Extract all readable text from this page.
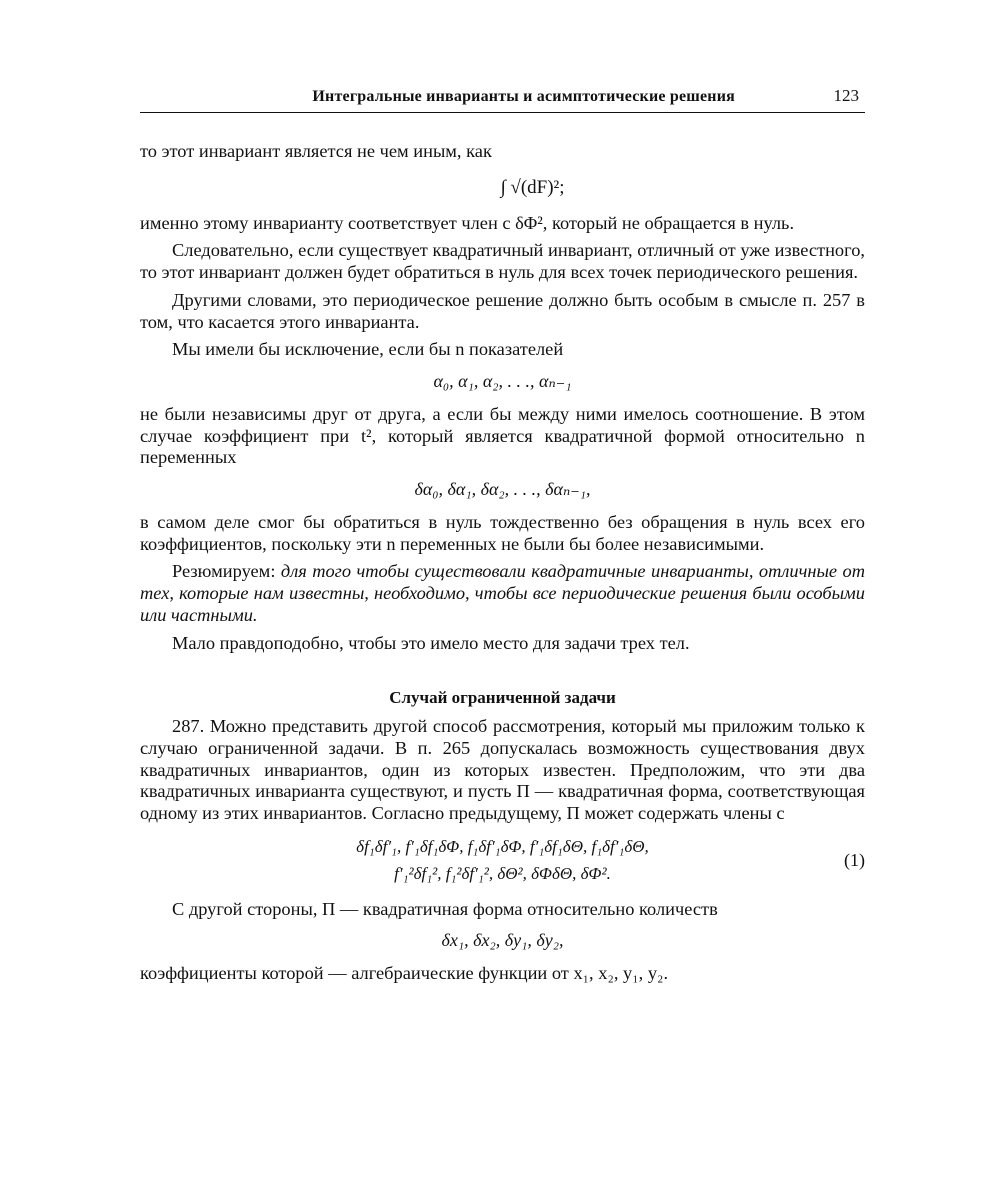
Интегральные инварианты и асимптотические решения	123

то этот инвариант является не чем иным, как

∫ √(dF)²;

именно этому инварианту соответствует член с δΦ², который не обращается в нуль.

Следовательно, если существует квадратичный инвариант, отличный от уже известного, то этот инвариант должен будет обратиться в нуль для всех точек периодического решения.

Другими словами, это периодическое решение должно быть особым в смысле п. 257 в том, что касается этого инварианта.

Мы имели бы исключение, если бы n показателей

α₀, α₁, α₂, . . ., αₙ₋₁

не были независимы друг от друга, а если бы между ними имелось соотношение. В этом случае коэффициент при t², который является квадратичной формой относительно n переменных

δα₀, δα₁, δα₂, . . ., δαₙ₋₁,

в самом деле смог бы обратиться в нуль тождественно без обращения в нуль всех его коэффициентов, поскольку эти n переменных не были бы более независимыми.

Резюмируем: для того чтобы существовали квадратичные инварианты, отличные от тех, которые нам известны, необходимо, чтобы все периодические решения были особыми или частными.

Мало правдоподобно, чтобы это имело место для задачи трех тел.

Случай ограниченной задачи

287. Можно представить другой способ рассмотрения, который мы приложим только к случаю ограниченной задачи. В п. 265 допускалась возможность существования двух квадратичных инвариантов, один из которых известен. Предположим, что эти два квадратичных инварианта существуют, и пусть Π — квадратичная форма, соответствующая одному из этих инвариантов. Согласно предыдущему, Π может содержать члены с

δf₁δf′₁, f′₁δf₁δΦ, f₁δf′₁δΦ, f′₁δf₁δΘ, f₁δf′₁δΘ,
f′₁²δf₁², f₁²δf′₁², δΘ², δΦδΘ, δΦ².
(1)

С другой стороны, Π — квадратичная форма относительно количеств

δx₁, δx₂, δy₁, δy₂,

коэффициенты которой — алгебраические функции от x₁, x₂, y₁, y₂.
